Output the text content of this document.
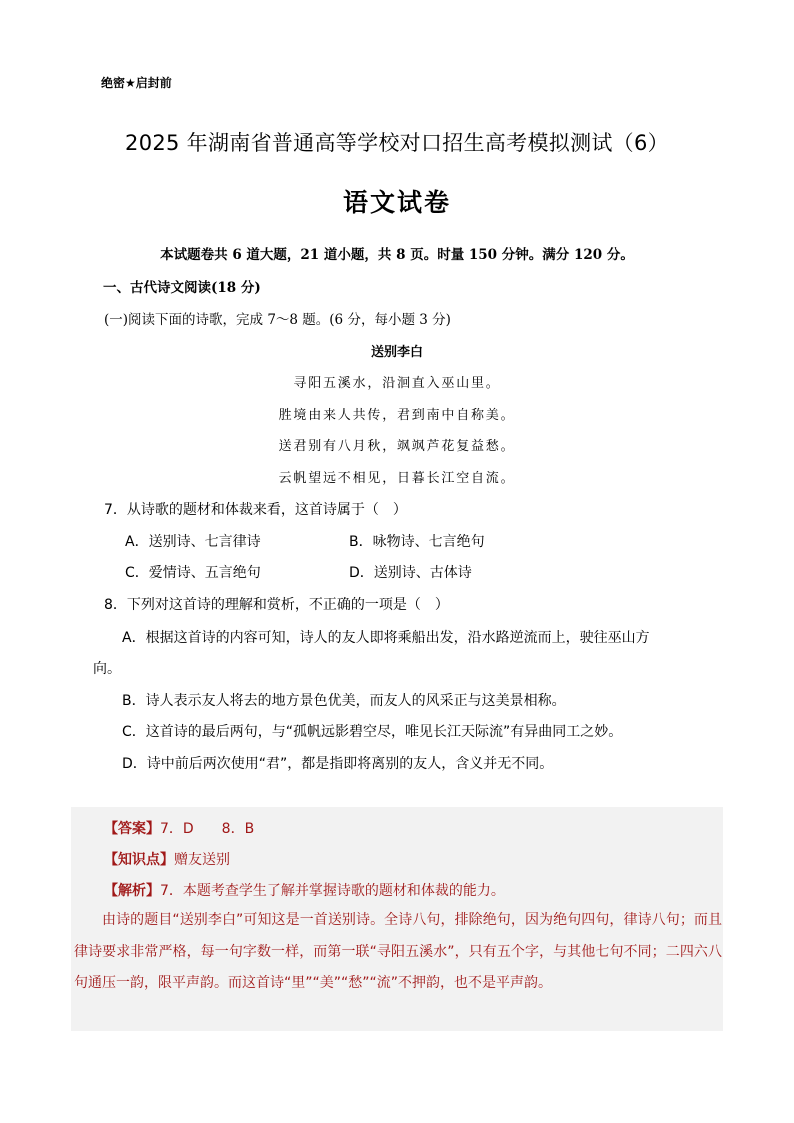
绝密★启封前
2025 年湖南省普通高等学校对口招生高考模拟测试（6）
语文试卷
本试题卷共 6 道大题，21 道小题，共 8 页。时量 150 分钟。满分 120 分。
一、古代诗文阅读(18 分)
(一)阅读下面的诗歌，完成 7～8 题。(6 分，每小题 3 分)
送别李白
寻阳五溪水，沿洄直入巫山里。
胜境由来人共传，君到南中自称美。
送君别有八月秋，飒飒芦花复益愁。
云帆望远不相见，日暮长江空自流。
7．从诗歌的题材和体裁来看，这首诗属于（　）
A．送别诗、七言律诗	B．咏物诗、七言绝句
C．爱情诗、五言绝句	D．送别诗、古体诗
8．下列对这首诗的理解和赏析，不正确的一项是（　）
A．根据这首诗的内容可知，诗人的友人即将乘船出发，沿水路逆流而上，驶往巫山方
向。
B．诗人表示友人将去的地方景色优美，而友人的风采正与这美景相称。
C．这首诗的最后两句，与“孤帆远影碧空尽，唯见长江天际流”有异曲同工之妙。
D．诗中前后两次使用“君”，都是指即将离别的友人，含义并无不同。
【答案】7．D　　8．B
【知识点】赠友送别
【解析】7．本题考查学生了解并掌握诗歌的题材和体裁的能力。
由诗的题目“送别李白”可知这是一首送别诗。全诗八句，排除绝句，因为绝句四句，律诗八句；而且律诗要求非常严格，每一句字数一样，而第一联“寻阳五溪水”，只有五个字，与其他七句不同；二四六八句通压一韵，限平声韵。而这首诗“里”“美”“愁”“流”不押韵，也不是平声韵。
